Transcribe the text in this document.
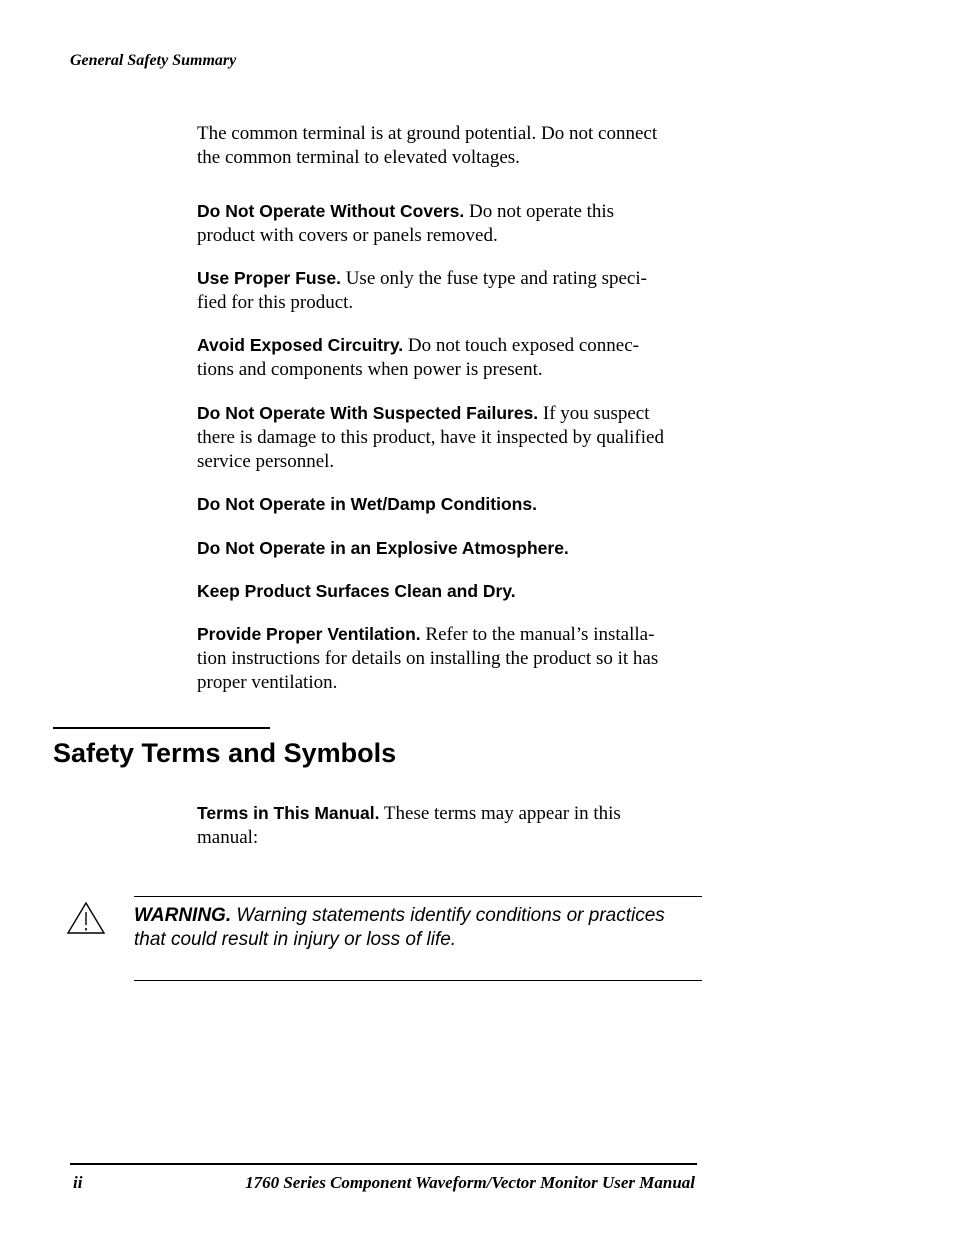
General Safety Summary
The common terminal is at ground potential. Do not connect
the common terminal to elevated voltages.
Do Not Operate Without Covers. Do not operate this
product with covers or panels removed.
Use Proper Fuse. Use only the fuse type and rating speci-
fied for this product.
Avoid Exposed Circuitry. Do not touch exposed connec-
tions and components when power is present.
Do Not Operate With Suspected Failures. If you suspect
there is damage to this product, have it inspected by qualified
service personnel.
Do Not Operate in Wet/Damp Conditions.
Do Not Operate in an Explosive Atmosphere.
Keep Product Surfaces Clean and Dry.
Provide Proper Ventilation. Refer to the manual’s installa-
tion instructions for details on installing the product so it has
proper ventilation.
Safety Terms and Symbols
Terms in This Manual. These terms may appear in this
manual:
WARNING. Warning statements identify conditions or practices
that could result in injury or loss of life.
ii	1760 Series Component Waveform/Vector Monitor User Manual
